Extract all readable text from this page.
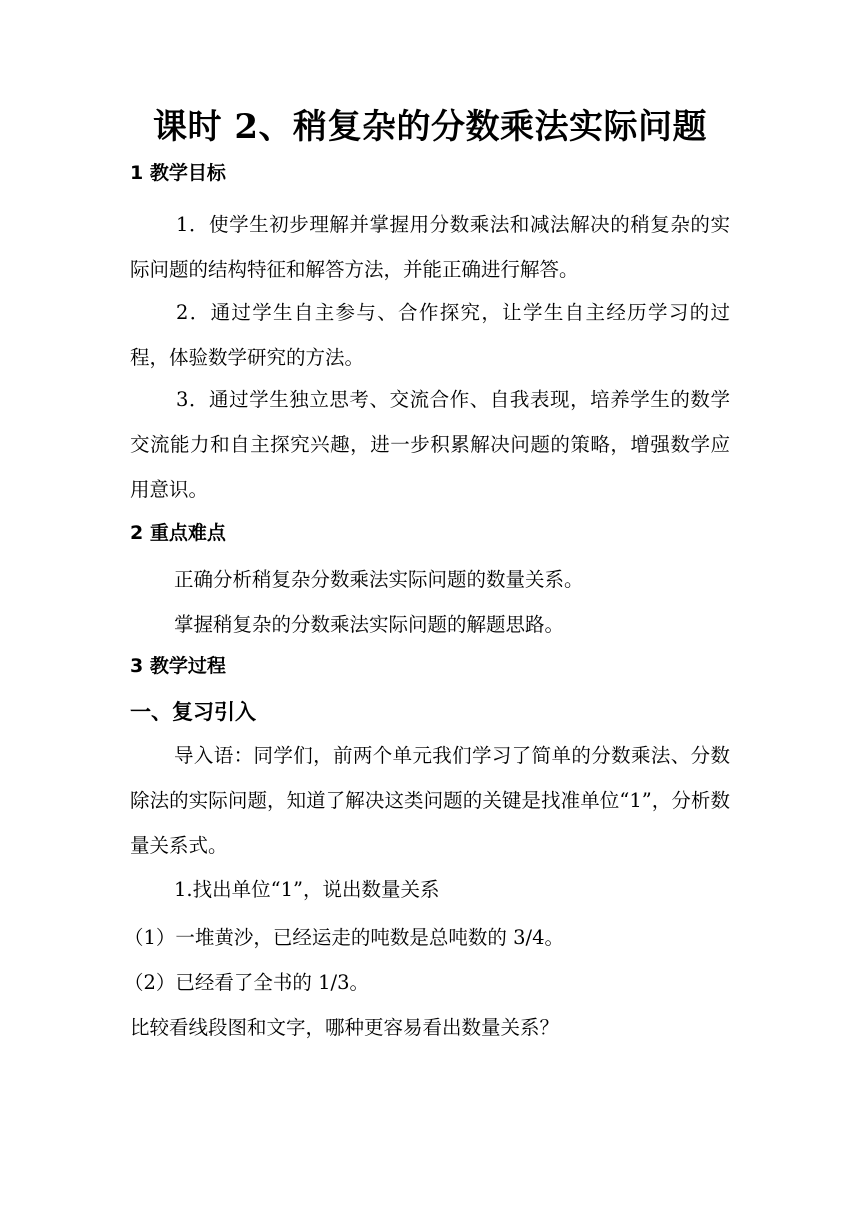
课时 2、稍复杂的分数乘法实际问题
1 教学目标
1．使学生初步理解并掌握用分数乘法和减法解决的稍复杂的实际问题的结构特征和解答方法，并能正确进行解答。
2．通过学生自主参与、合作探究，让学生自主经历学习的过程，体验数学研究的方法。
3．通过学生独立思考、交流合作、自我表现，培养学生的数学交流能力和自主探究兴趣，进一步积累解决问题的策略，增强数学应用意识。
2 重点难点
正确分析稍复杂分数乘法实际问题的数量关系。
掌握稍复杂的分数乘法实际问题的解题思路。
3 教学过程
一、复习引入
导入语：同学们，前两个单元我们学习了简单的分数乘法、分数除法的实际问题，知道了解决这类问题的关键是找准单位“1”，分析数量关系式。
1.找出单位“1”，说出数量关系
（1）一堆黄沙，已经运走的吨数是总吨数的 3/4。
（2）已经看了全书的 1/3。
比较看线段图和文字，哪种更容易看出数量关系？
